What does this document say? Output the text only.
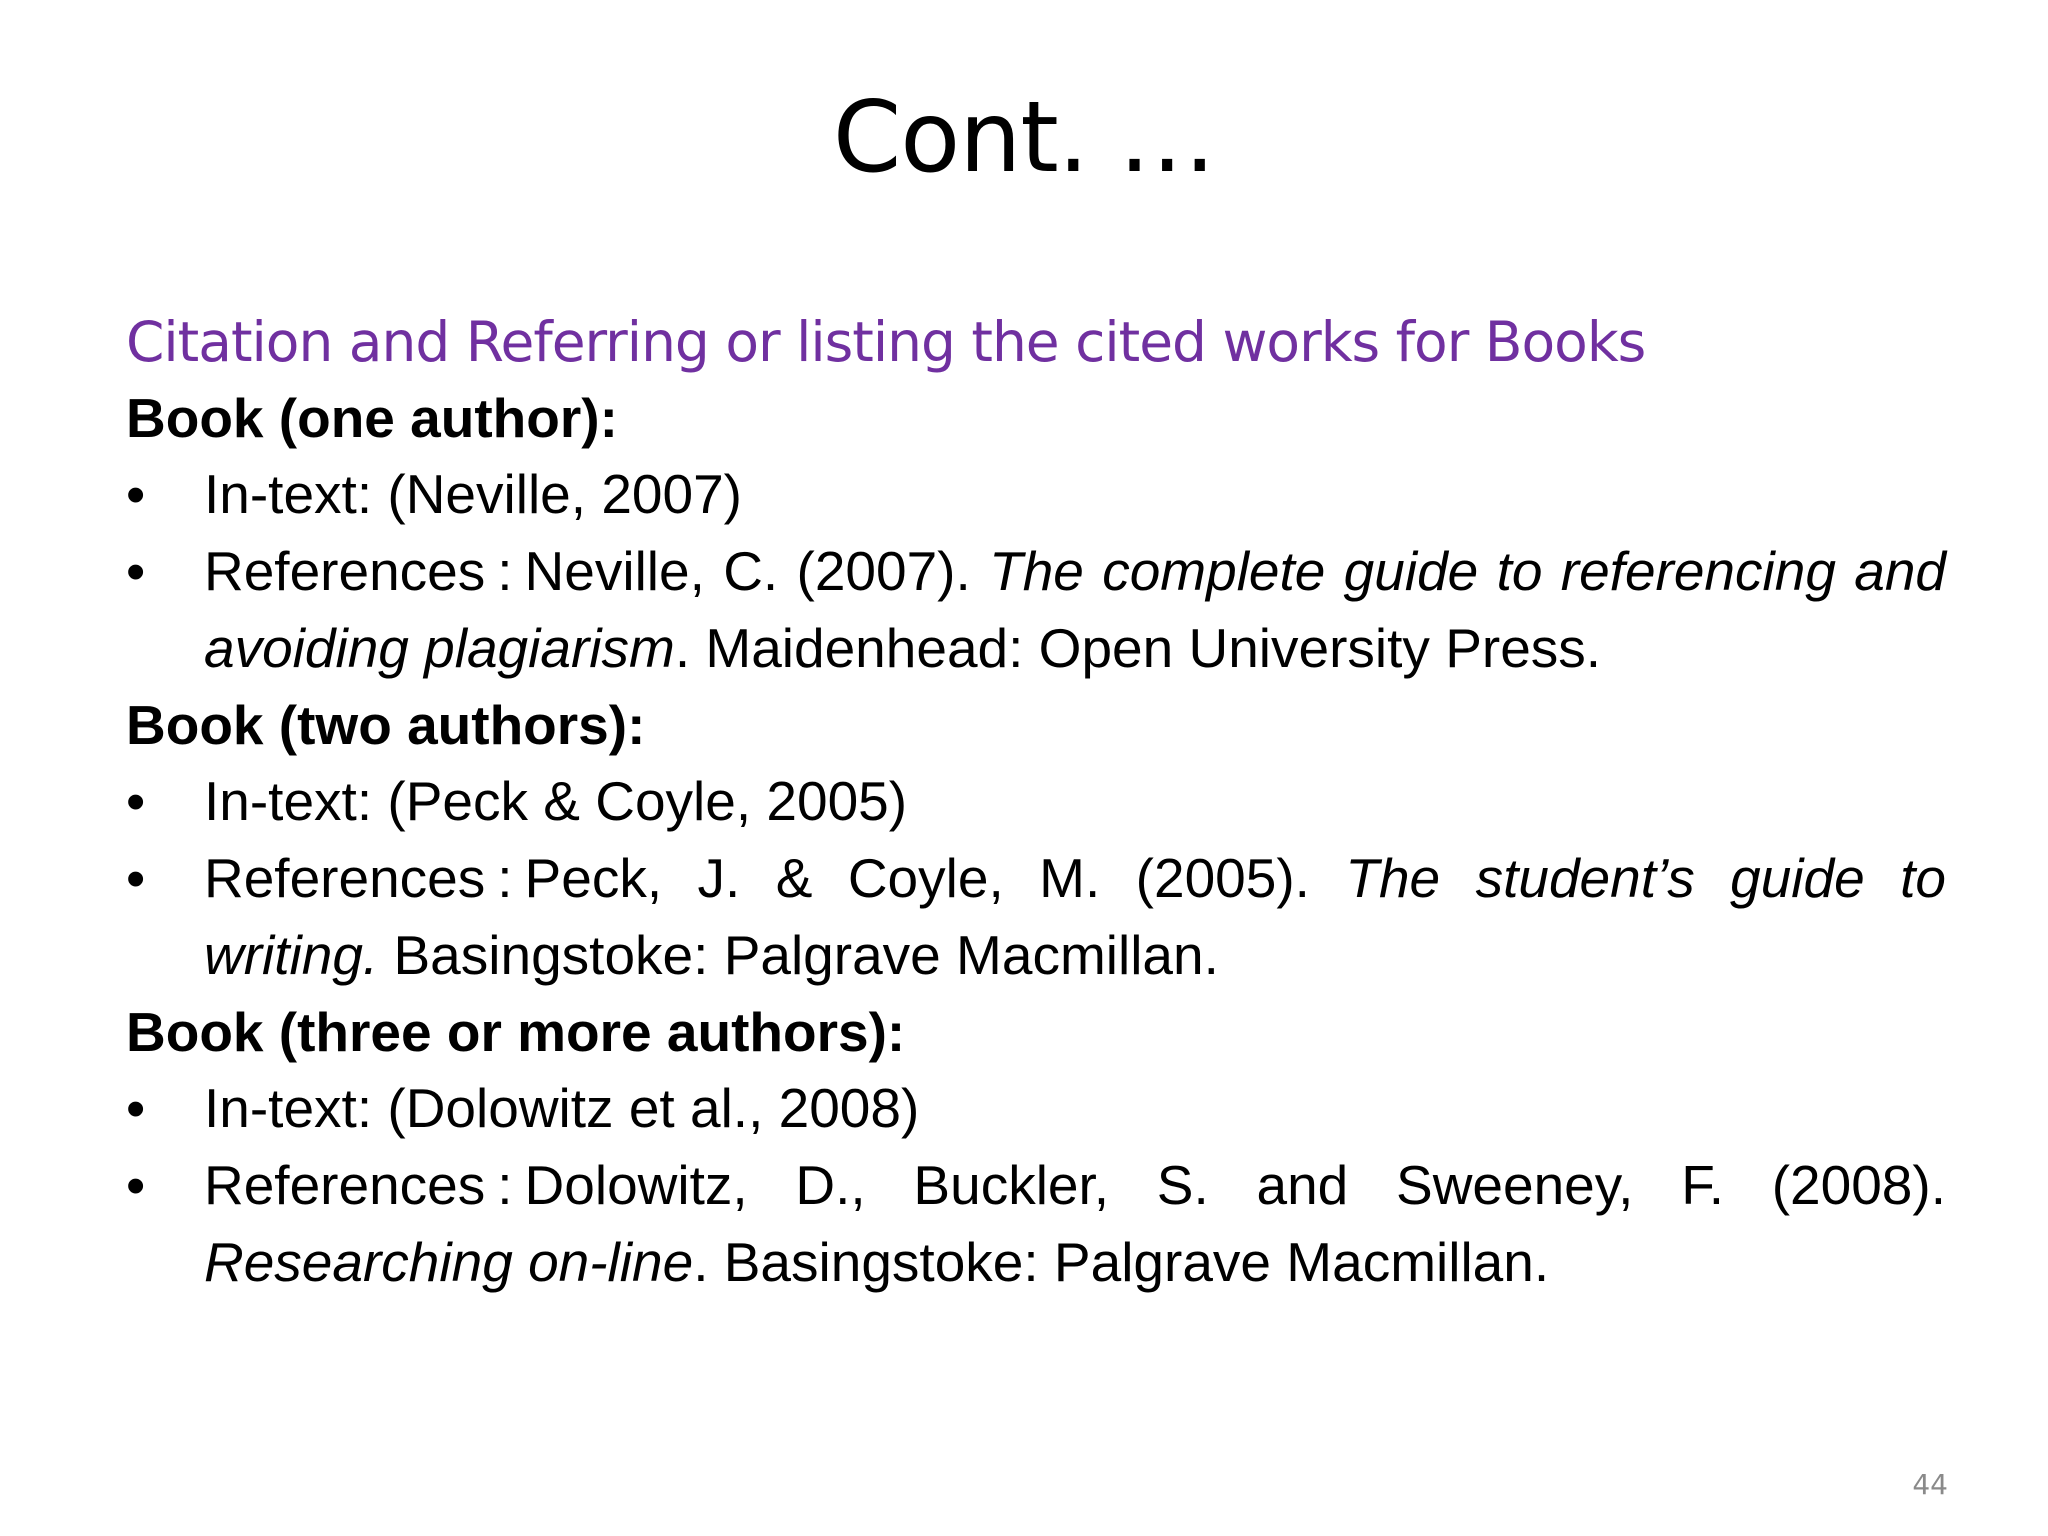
Cont. …
Citation and Referring or listing the cited works for Books
Book (one author):
•	In-text: (Neville, 2007)
•	References : Neville, C. (2007). The complete guide to referencing and avoiding plagiarism. Maidenhead: Open University Press.
Book (two authors):
•	In-text: (Peck & Coyle, 2005)
•	References : Peck, J. & Coyle, M. (2005). The student’s guide to writing. Basingstoke: Palgrave Macmillan.
Book (three or more authors):
•	In-text: (Dolowitz et al., 2008)
•	References : Dolowitz, D., Buckler, S. and Sweeney, F. (2008). Researching on-line. Basingstoke: Palgrave Macmillan.
44
